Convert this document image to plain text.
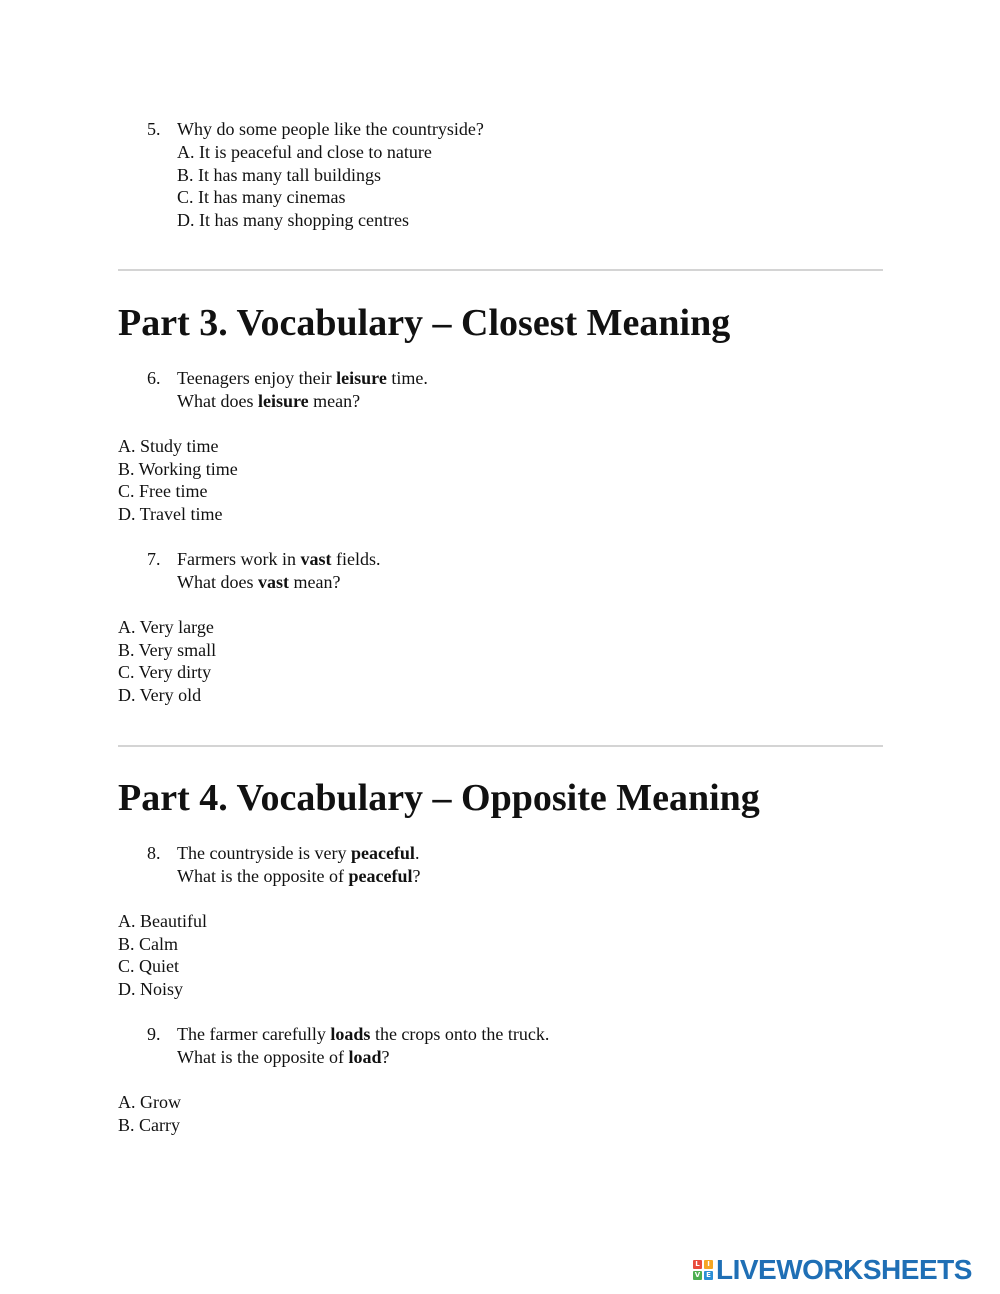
5. Why do some people like the countryside?
A. It is peaceful and close to nature
B. It has many tall buildings
C. It has many cinemas
D. It has many shopping centres
Part 3. Vocabulary – Closest Meaning
6. Teenagers enjoy their leisure time.
What does leisure mean?
A. Study time
B. Working time
C. Free time
D. Travel time
7. Farmers work in vast fields.
What does vast mean?
A. Very large
B. Very small
C. Very dirty
D. Very old
Part 4. Vocabulary – Opposite Meaning
8. The countryside is very peaceful.
What is the opposite of peaceful?
A. Beautiful
B. Calm
C. Quiet
D. Noisy
9. The farmer carefully loads the crops onto the truck.
What is the opposite of load?
A. Grow
B. Carry
L	I
V E LIVEWORKSHEETS
